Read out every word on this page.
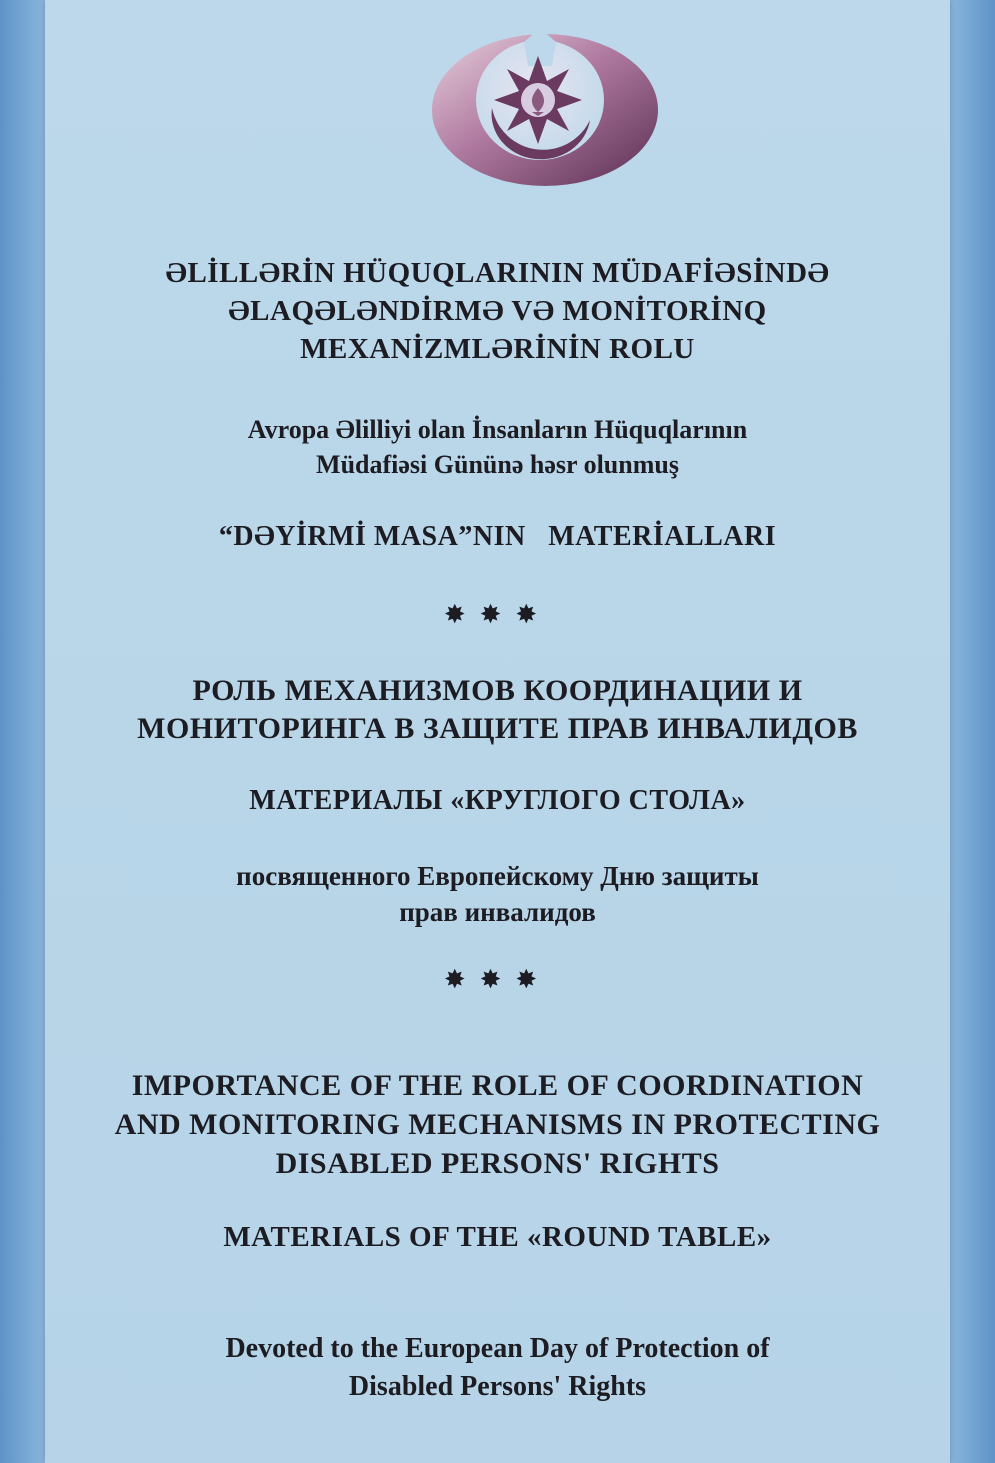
ƏLİLLƏRİN HÜQUQLARININ MÜDAFİƏSİNDƏ
ƏLAQƏLƏNDİRMƏ VƏ MONİTORİNQ
MEXANİZMLƏRİNİN ROLU

Avropa Əlilliyi olan İnsanların Hüquqlarının
Müdafiəsi Gününə həsr olunmuş

“DƏYİRMİ MASA”NIN   MATERİALLARI

✸✸✸

РОЛЬ МЕХАНИЗМОВ КООРДИНАЦИИ И
МОНИТОРИНГА В ЗАЩИТЕ ПРАВ ИНВАЛИДОВ

МАТЕРИАЛЫ «КРУГЛОГО СТОЛА»

посвященного Европейскому Дню защиты
прав инвалидов

✸✸✸

IMPORTANCE OF THE ROLE OF COORDINATION
AND MONITORING MECHANISMS IN PROTECTING
DISABLED PERSONS' RIGHTS

MATERIALS OF THE «ROUND TABLE»

Devoted to the European Day of Protection of
Disabled Persons' Rights
